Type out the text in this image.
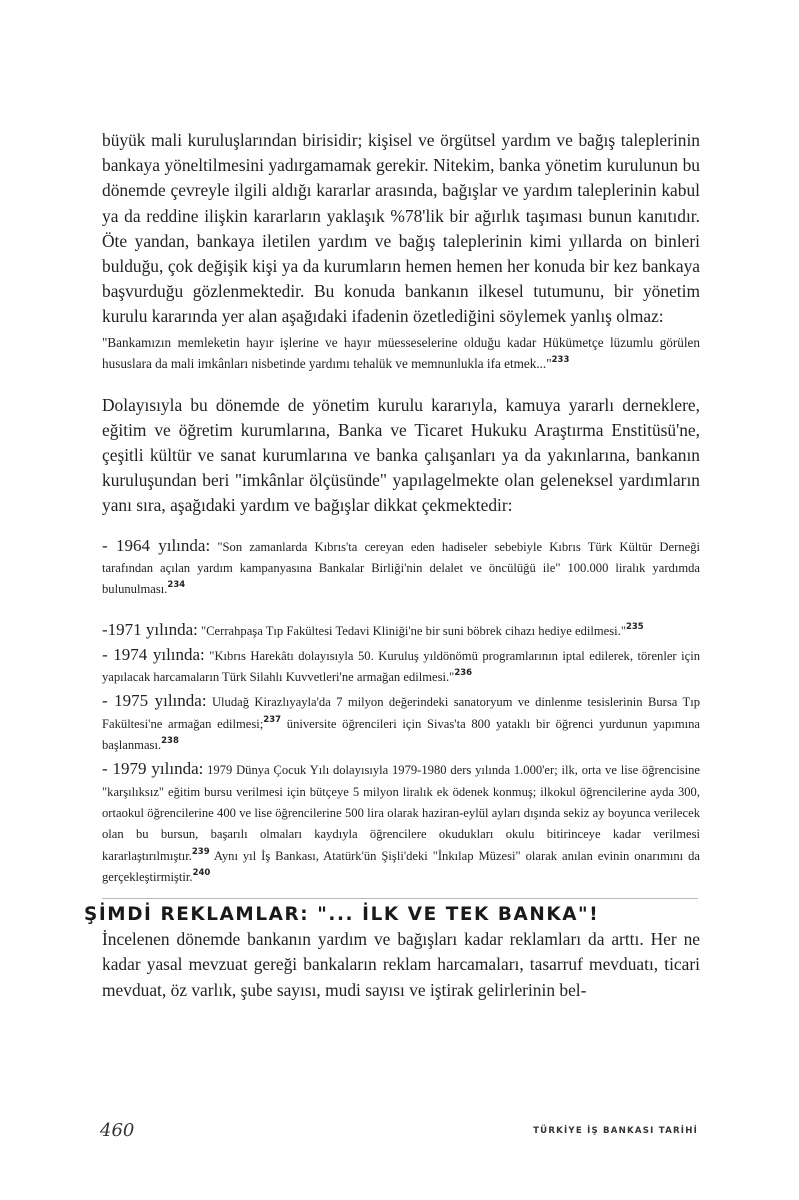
büyük mali kuruluşlarından birisidir; kişisel ve örgütsel yardım ve bağış taleplerinin bankaya yöneltilmesini yadırgamamak gerekir. Nitekim, banka yönetim kurulunun bu dönemde çevreyle ilgili aldığı kararlar arasında, bağışlar ve yardım taleplerinin kabul ya da reddine ilişkin kararların yaklaşık %78'lik bir ağırlık taşıması bunun kanıtıdır. Öte yandan, bankaya iletilen yardım ve bağış taleplerinin kimi yıllarda on binleri bulduğu, çok değişik kişi ya da kurumların hemen hemen her konuda bir kez bankaya başvurduğu gözlenmektedir. Bu konuda bankanın ilkesel tutumunu, bir yönetim kurulu kararında yer alan aşağıdaki ifadenin özetlediğini söylemek yanlış olmaz:

"Bankamızın memleketin hayır işlerine ve hayır müesseselerine olduğu kadar Hükümetçe lüzumlu görülen hususlara da mali imkânları nisbetinde yardımı tehalük ve memnunlukla ifa etmek..."$^{233}$

Dolayısıyla bu dönemde de yönetim kurulu kararıyla, kamuya yararlı derneklere, eğitim ve öğretim kurumlarına, Banka ve Ticaret Hukuku Araştırma Enstitüsü'ne, çeşitli kültür ve sanat kurumlarına ve banka çalışanları ya da yakınlarına, bankanın kuruluşundan beri "imkânlar ölçüsünde" yapılagelmekte olan geleneksel yardımların yanı sıra, aşağıdaki yardım ve bağışlar dikkat çekmektedir:

- 1964 yılında: "Son zamanlarda Kıbrıs'ta cereyan eden hadiseler sebebiyle Kıbrıs Türk Kültür Derneği tarafından açılan yardım kampanyasına Bankalar Birliği'nin delalet ve öncülüğü ile" 100.000 liralık yardımda bulunulması.$^{234}$

-1971 yılında: "Cerrahpaşa Tıp Fakültesi Tedavi Kliniği'ne bir suni böbrek cihazı hediye edilmesi."$^{235}$

- 1974 yılında: "Kıbrıs Harekâtı dolayısıyla 50. Kuruluş yıldönömü programlarının iptal edilerek, törenler için yapılacak harcamaların Türk Silahlı Kuvvetleri'ne armağan edilmesi."$^{236}$

- 1975 yılında: Uludağ Kirazlıyayla'da 7 milyon değerindeki sanatoryum ve dinlenme tesislerinin Bursa Tıp Fakültesi'ne armağan edilmesi;$^{237}$ üniversite öğrencileri için Sivas'ta 800 yataklı bir öğrenci yurdunun yapımına başlanması.$^{238}$

- 1979 yılında: 1979 Dünya Çocuk Yılı dolayısıyla 1979-1980 ders yılında 1.000'er; ilk, orta ve lise öğrencisine "karşılıksız" eğitim bursu verilmesi için bütçeye 5 milyon liralık ek ödenek konmuş; ilkokul öğrencilerine ayda 300, ortaokul öğrencilerine 400 ve lise öğrencilerine 500 lira olarak haziran-eylül ayları dışında sekiz ay boyunca verilecek olan bu bursun, başarılı olmaları kaydıyla öğrencilere okudukları okulu bitirinceye kadar verilmesi kararlaştırılmıştır.$^{239}$ Aynı yıl İş Bankası, Atatürk'ün Şişli'deki "İnkılap Müzesi" olarak anılan evinin onarımını da gerçekleştirmiştir.$^{240}$

ŞİMDİ REKLAMLAR: "... İLK VE TEK BANKA"!

İncelenen dönemde bankanın yardım ve bağışları kadar reklamları da arttı. Her ne kadar yasal mevzuat gereği bankaların reklam harcamaları, tasarruf mevduatı, ticari mevduat, öz varlık, şube sayısı, mudi sayısı ve iştirak gelirlerinin bel-

460	TÜRKİYE İŞ BANKASI TARİHİ
